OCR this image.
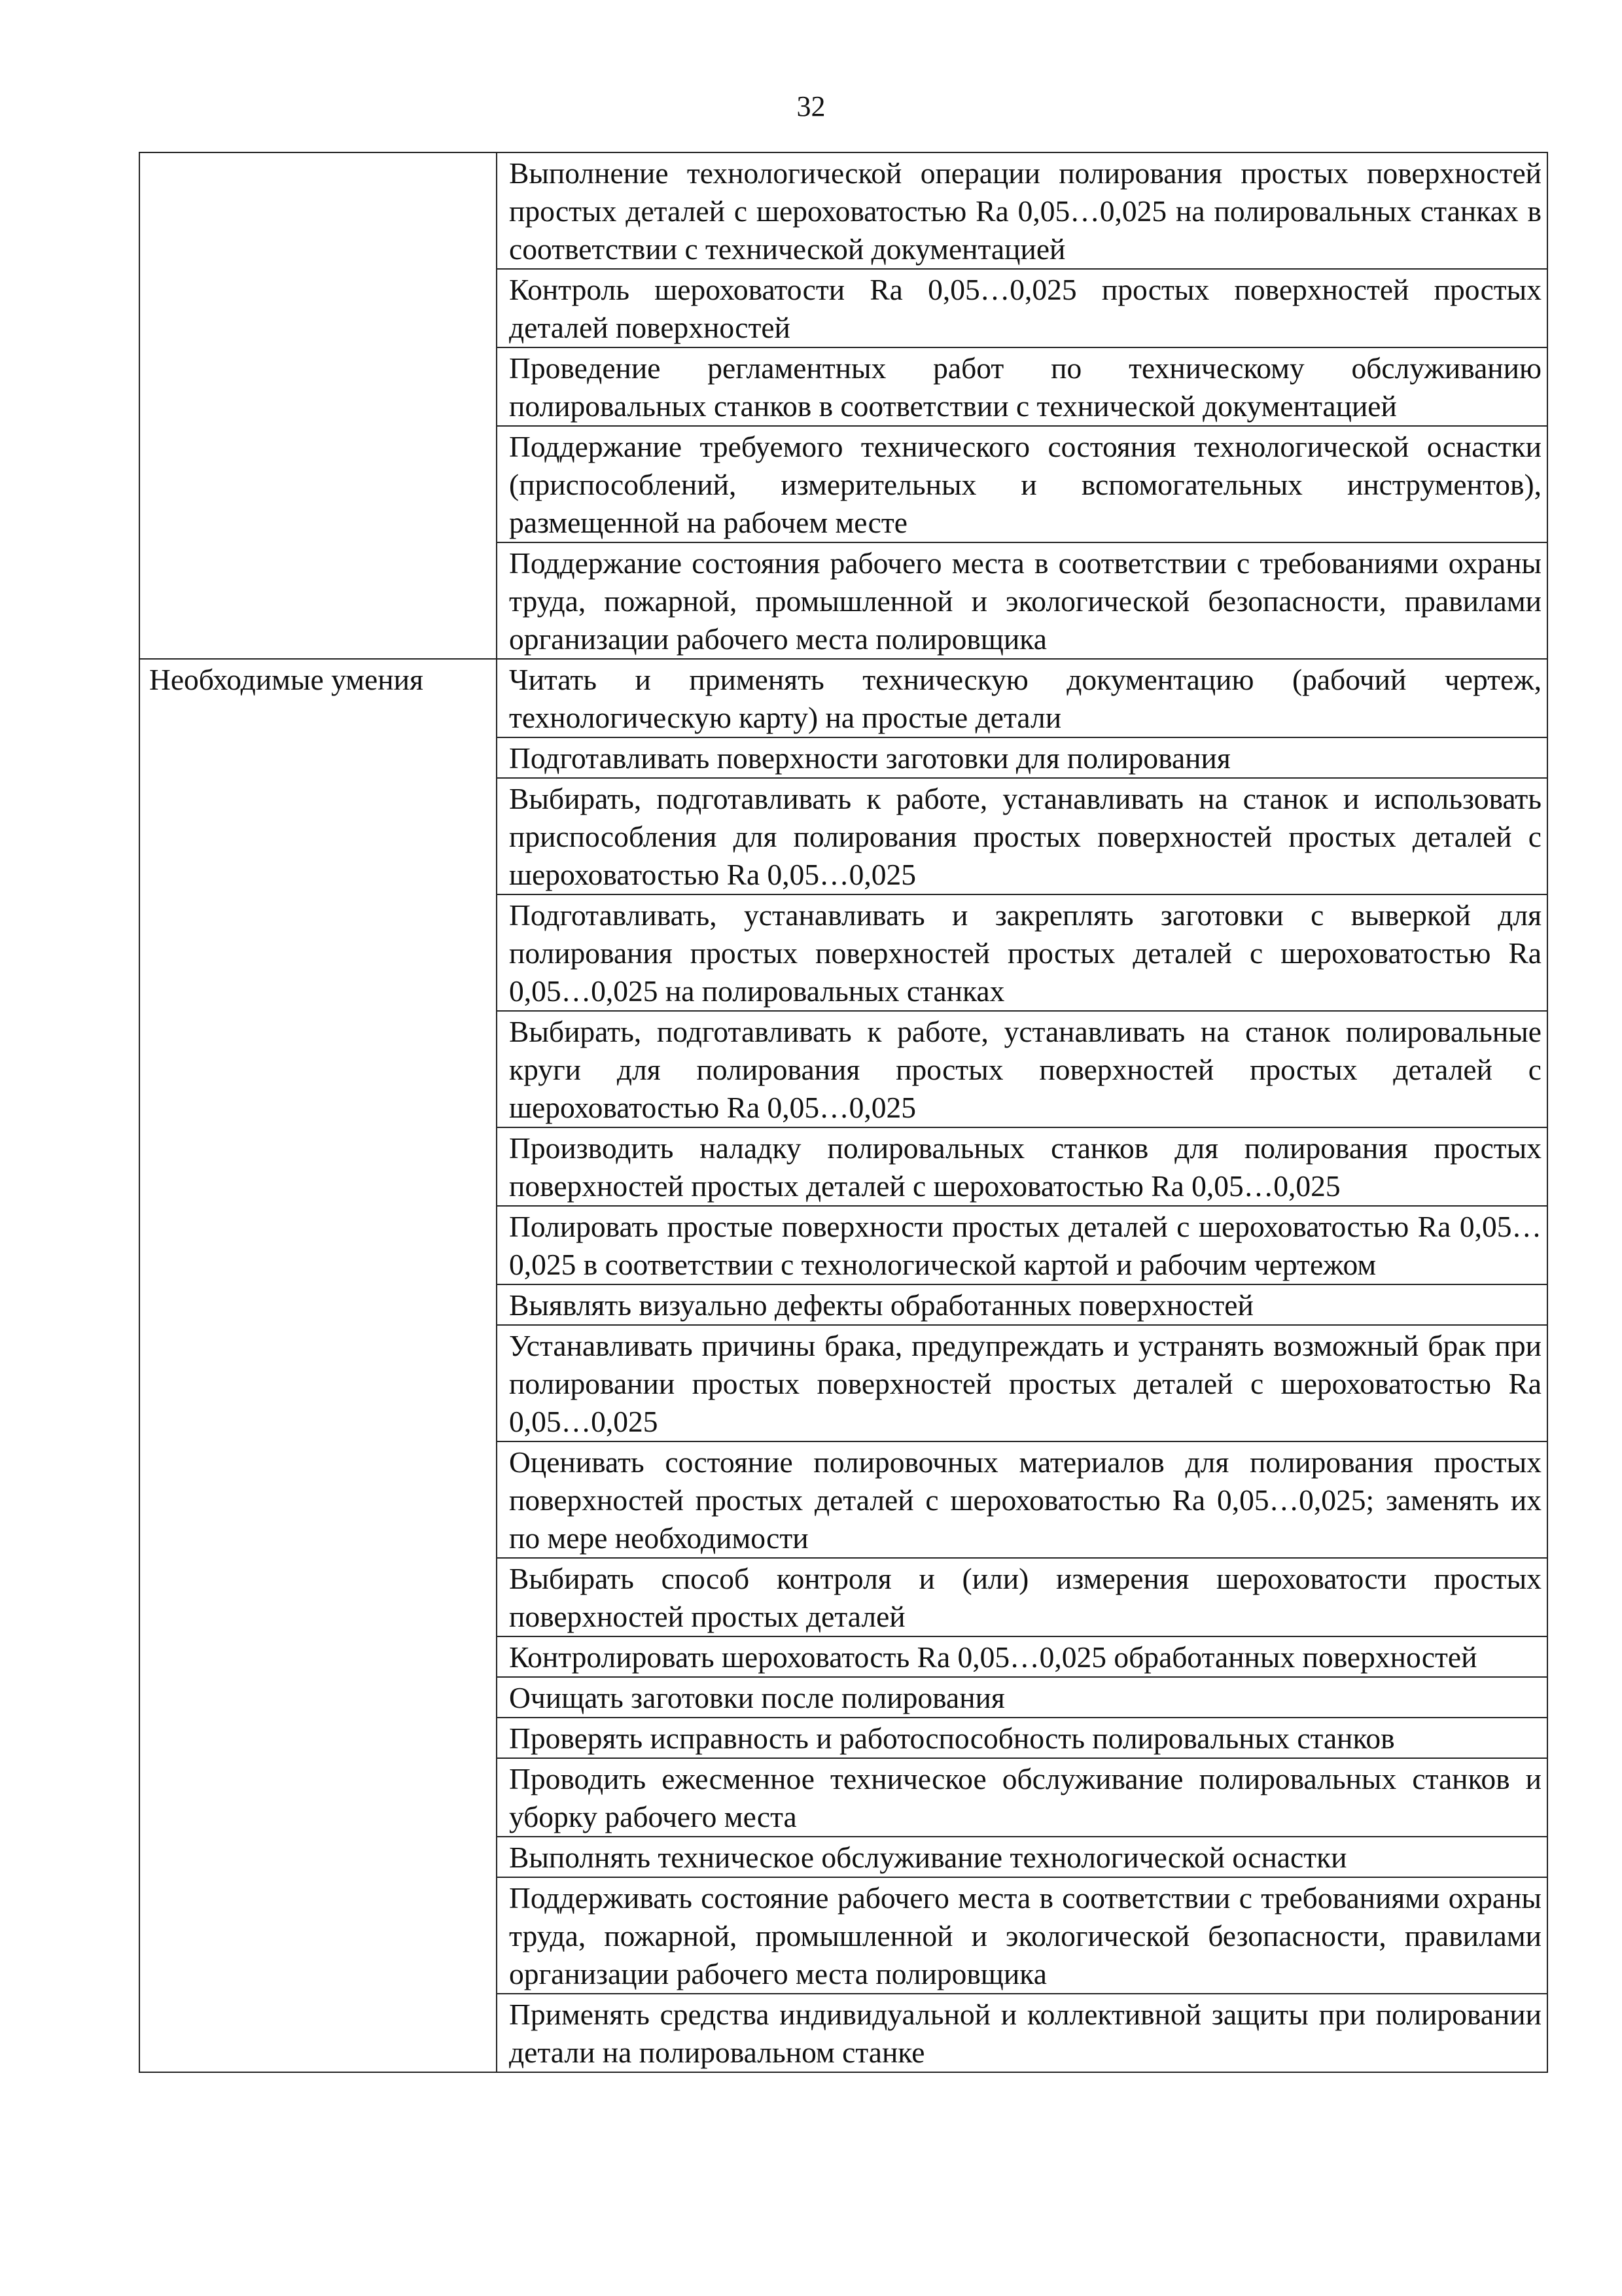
32
	Выполнение технологической операции полирования простых поверхностей простых деталей с шероховатостью Ra 0,05…0,025 на полировальных станках в соответствии с технической документацией
	Контроль шероховатости Ra 0,05…0,025 простых поверхностей простых деталей поверхностей
	Проведение регламентных работ по техническому обслуживанию полировальных станков в соответствии с технической документацией
	Поддержание требуемого технического состояния технологической оснастки (приспособлений, измерительных и вспомогательных инструментов), размещенной на рабочем месте
	Поддержание состояния рабочего места в соответствии с требованиями охраны труда, пожарной, промышленной и экологической безопасности, правилами организации рабочего места полировщика
Необходимые умения	Читать и применять техническую документацию (рабочий чертеж, технологическую карту) на простые детали
	Подготавливать поверхности заготовки для полирования
	Выбирать, подготавливать к работе, устанавливать на станок и использовать приспособления для полирования простых поверхностей простых деталей с шероховатостью Ra 0,05…0,025
	Подготавливать, устанавливать и закреплять заготовки с выверкой для полирования простых поверхностей простых деталей с шероховатостью Ra 0,05…0,025 на полировальных станках
	Выбирать, подготавливать к работе, устанавливать на станок полировальные круги для полирования простых поверхностей простых деталей с шероховатостью Ra 0,05…0,025
	Производить наладку полировальных станков для полирования простых поверхностей простых деталей с шероховатостью Ra 0,05…0,025
	Полировать простые поверхности простых деталей с шероховатостью Ra 0,05…0,025 в соответствии с технологической картой и рабочим чертежом
	Выявлять визуально дефекты обработанных поверхностей
	Устанавливать причины брака, предупреждать и устранять возможный брак при полировании простых поверхностей простых деталей с шероховатостью Ra 0,05…0,025
	Оценивать состояние полировочных материалов для полирования простых поверхностей простых деталей с шероховатостью Ra 0,05…0,025; заменять их по мере необходимости
	Выбирать способ контроля и (или) измерения шероховатости простых поверхностей простых деталей
	Контролировать шероховатость Ra 0,05…0,025 обработанных поверхностей
	Очищать заготовки после полирования
	Проверять исправность и работоспособность полировальных станков
	Проводить ежесменное техническое обслуживание полировальных станков и уборку рабочего места
	Выполнять техническое обслуживание технологической оснастки
	Поддерживать состояние рабочего места в соответствии с требованиями охраны труда, пожарной, промышленной и экологической безопасности, правилами организации рабочего места полировщика
	Применять средства индивидуальной и коллективной защиты при полировании детали на полировальном станке
